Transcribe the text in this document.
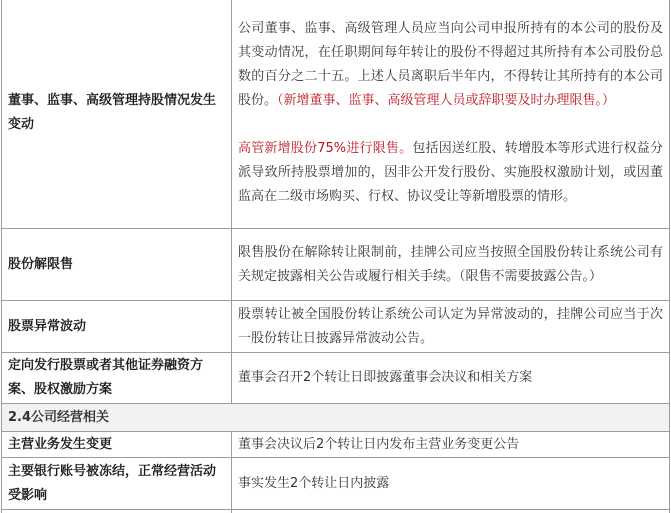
董事、监事、高级管理持股情况发生变动	公司董事、监事、高级管理人员应当向公司申报所持有的本公司的股份及其变动情况，在任职期间每年转让的股份不得超过其所持有本公司股份总数的百分之二十五。上述人员离职后半年内，不得转让其所持有的本公司股份。（新增董事、监事、高级管理人员或辞职要及时办理限售。）
高管新增股份75%进行限售。包括因送红股、转增股本等形式进行权益分派导致所持股票增加的，因非公开发行股份、实施股权激励计划，或因董监高在二级市场购买、行权、协议受让等新增股票的情形。

股份解限售	限售股份在解除转让限制前，挂牌公司应当按照全国股份转让系统公司有关规定披露相关公告或履行相关手续。（限售不需要披露公告。）
股票异常波动	股票转让被全国股份转让系统公司认定为异常波动的，挂牌公司应当于次一股份转让日披露异常波动公告。
定向发行股票或者其他证券融资方案、股权激励方案	董事会召开2个转让日即披露董事会决议和相关方案
2.4公司经营相关	
主营业务发生变更	董事会决议后2个转让日内发布主营业务变更公告
主要银行账号被冻结，正常经营活动受影响	事实发生2个转让日内披露
